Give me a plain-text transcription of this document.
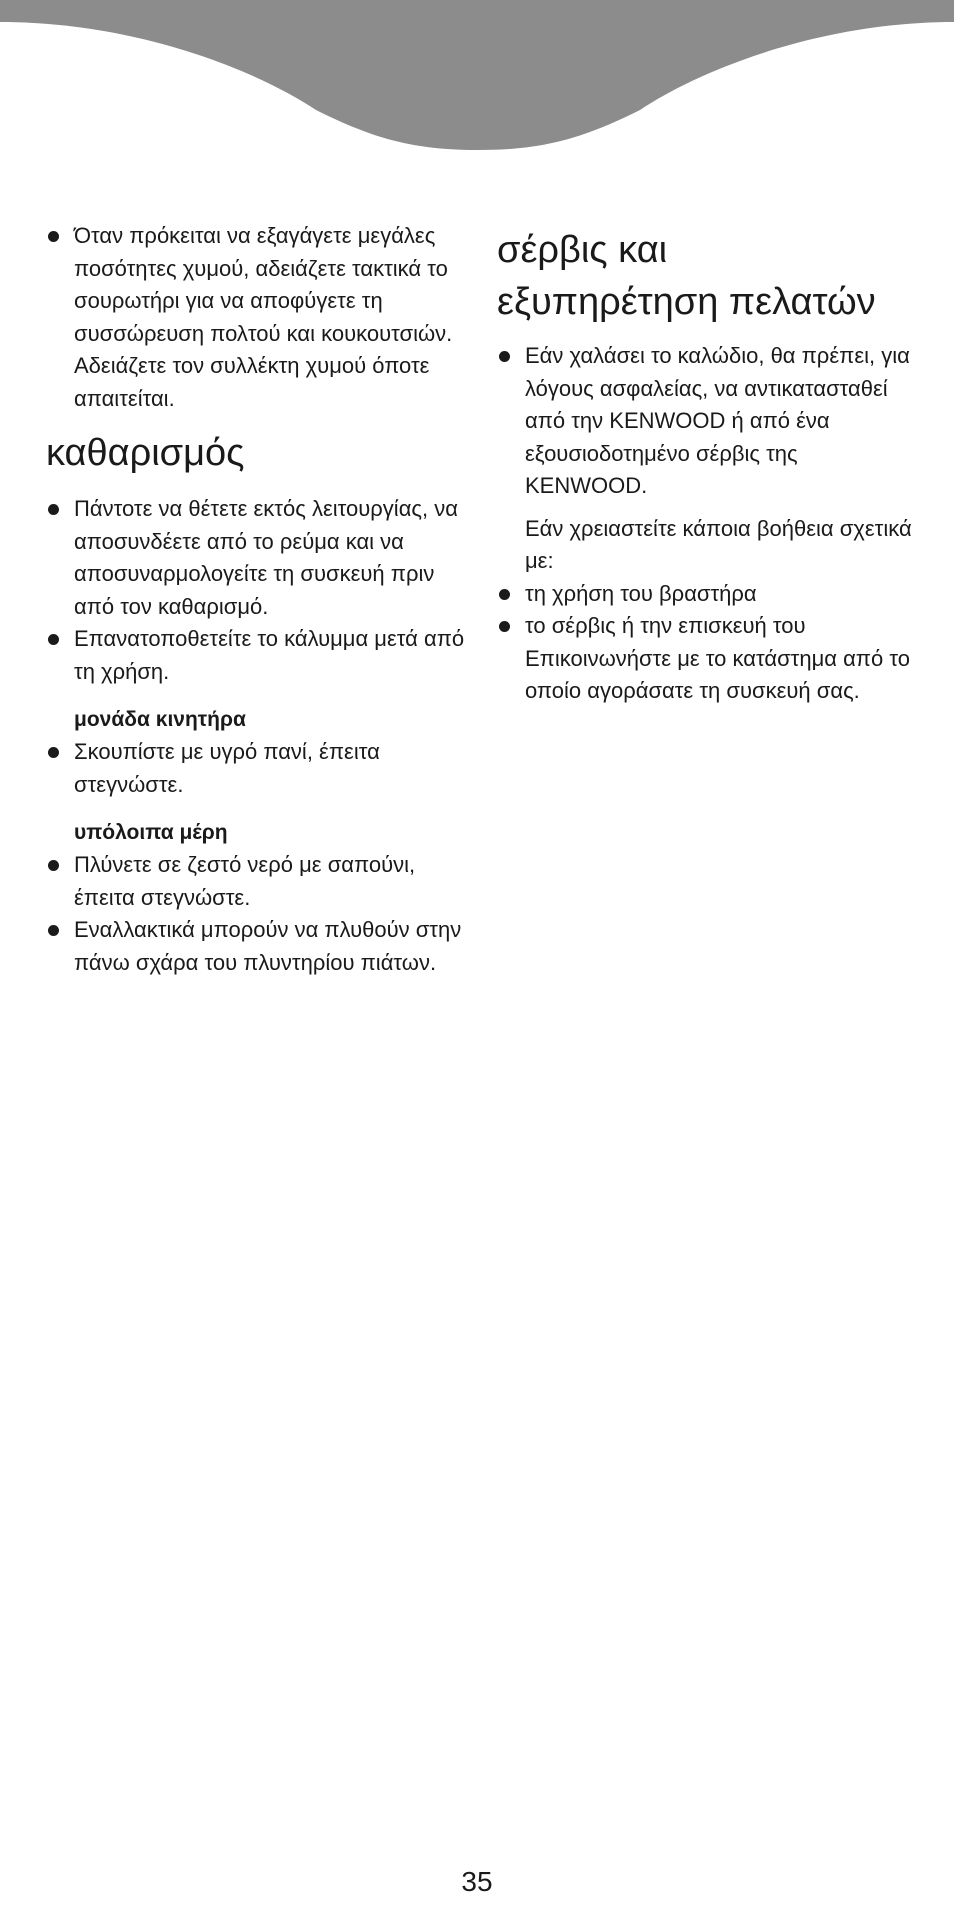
Όταν πρόκειται να εξαγάγετε μεγάλες ποσότητες χυμού, αδειάζετε τακτικά το σουρωτήρι για να αποφύγετε τη συσσώρευση πολτού και κουκουτσιών. Αδειάζετε τον συλλέκτη χυμού όποτε απαιτείται.
καθαρισμός
Πάντοτε να θέτετε εκτός λειτουργίας, να αποσυνδέετε από το ρεύμα και να αποσυναρμολογείτε τη συσκευή πριν από τον καθαρισμό.
Επανατοποθετείτε το κάλυμμα μετά από τη χρήση.

μονάδα κινητήρα

Σκουπίστε με υγρό πανί, έπειτα στεγνώστε.

υπόλοιπα μέρη

Πλύνετε σε ζεστό νερό με σαπούνι, έπειτα στεγνώστε.
Εναλλακτικά μπορούν να πλυθούν στην πάνω σχάρα του πλυντηρίου πιάτων.
σέρβις και
εξυπηρέτηση πελατών
Εάν χαλάσει το καλώδιο, θα πρέπει, για λόγους ασφαλείας, να αντικατασταθεί από την KENWOOD ή από ένα εξουσιοδοτημένο σέρβις της KENWOOD.

Εάν χρειαστείτε κάποια βοήθεια σχετικά με:

τη χρήση του βραστήρα
το σέρβις ή την επισκευή του Επικοινωνήστε με το κατάστημα από το οποίο αγοράσατε τη συσκευή σας.
35
